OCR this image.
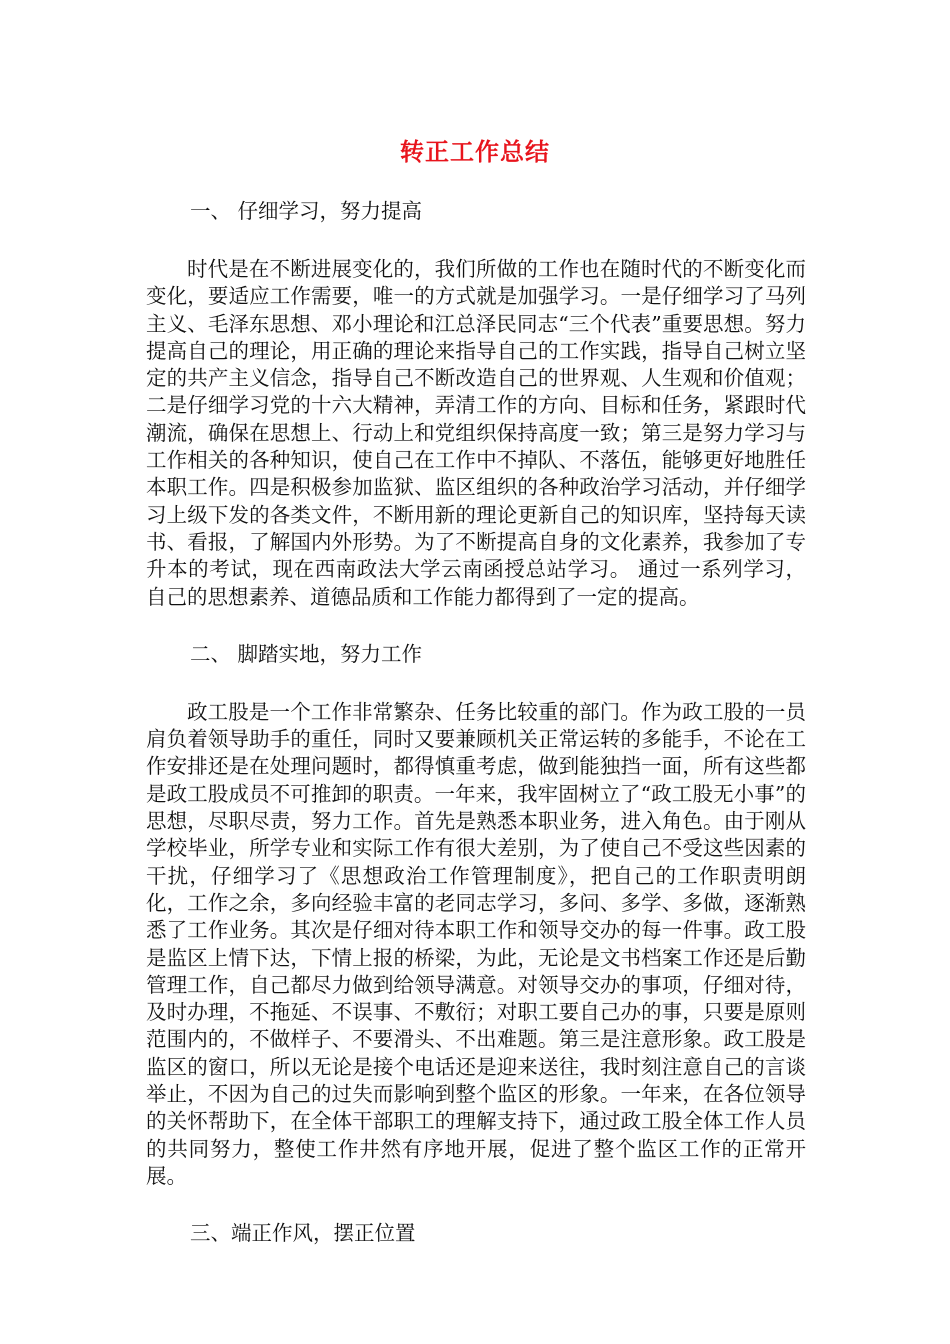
转正工作总结

一、 仔细学习，努力提高

时代是在不断进展变化的，我们所做的工作也在随时代的不断变化而变化，要适应工作需要，唯一的方式就是加强学习。一是仔细学习了马列主义、毛泽东思想、邓小理论和江总泽民同志“三个代表”重要思想。努力提高自己的理论，用正确的理论来指导自己的工作实践，指导自己树立坚定的共产主义信念，指导自己不断改造自己的世界观、人生观和价值观；二是仔细学习党的十六大精神，弄清工作的方向、目标和任务，紧跟时代潮流，确保在思想上、行动上和党组织保持高度一致；第三是努力学习与工作相关的各种知识，使自己在工作中不掉队、不落伍，能够更好地胜任本职工作。四是积极参加监狱、监区组织的各种政治学习活动，并仔细学习上级下发的各类文件，不断用新的理论更新自己的知识库，坚持每天读书、看报，了解国内外形势。为了不断提高自身的文化素养，我参加了专升本的考试，现在西南政法大学云南函授总站学习。 通过一系列学习，自己的思想素养、道德品质和工作能力都得到了一定的提高。

二、 脚踏实地，努力工作

政工股是一个工作非常繁杂、任务比较重的部门。作为政工股的一员肩负着领导助手的重任，同时又要兼顾机关正常运转的多能手，不论在工作安排还是在处理问题时，都得慎重考虑，做到能独挡一面，所有这些都是政工股成员不可推卸的职责。一年来，我牢固树立了“政工股无小事”的思想，尽职尽责，努力工作。首先是熟悉本职业务，进入角色。由于刚从学校毕业，所学专业和实际工作有很大差别，为了使自己不受这些因素的干扰，仔细学习了《思想政治工作管理制度》，把自己的工作职责明朗化，工作之余，多向经验丰富的老同志学习，多问、多学、多做，逐渐熟悉了工作业务。其次是仔细对待本职工作和领导交办的每一件事。政工股是监区上情下达，下情上报的桥梁，为此，无论是文书档案工作还是后勤管理工作，自己都尽力做到给领导满意。对领导交办的事项，仔细对待，及时办理，不拖延、不误事、不敷衍；对职工要自己办的事，只要是原则范围内的，不做样子、不要滑头、不出难题。第三是注意形象。政工股是监区的窗口，所以无论是接个电话还是迎来送往，我时刻注意自己的言谈举止，不因为自己的过失而影响到整个监区的形象。一年来，在各位领导的关怀帮助下，在全体干部职工的理解支持下，通过政工股全体工作人员的共同努力，整使工作井然有序地开展，促进了整个监区工作的正常开展。

三、端正作风，摆正位置
